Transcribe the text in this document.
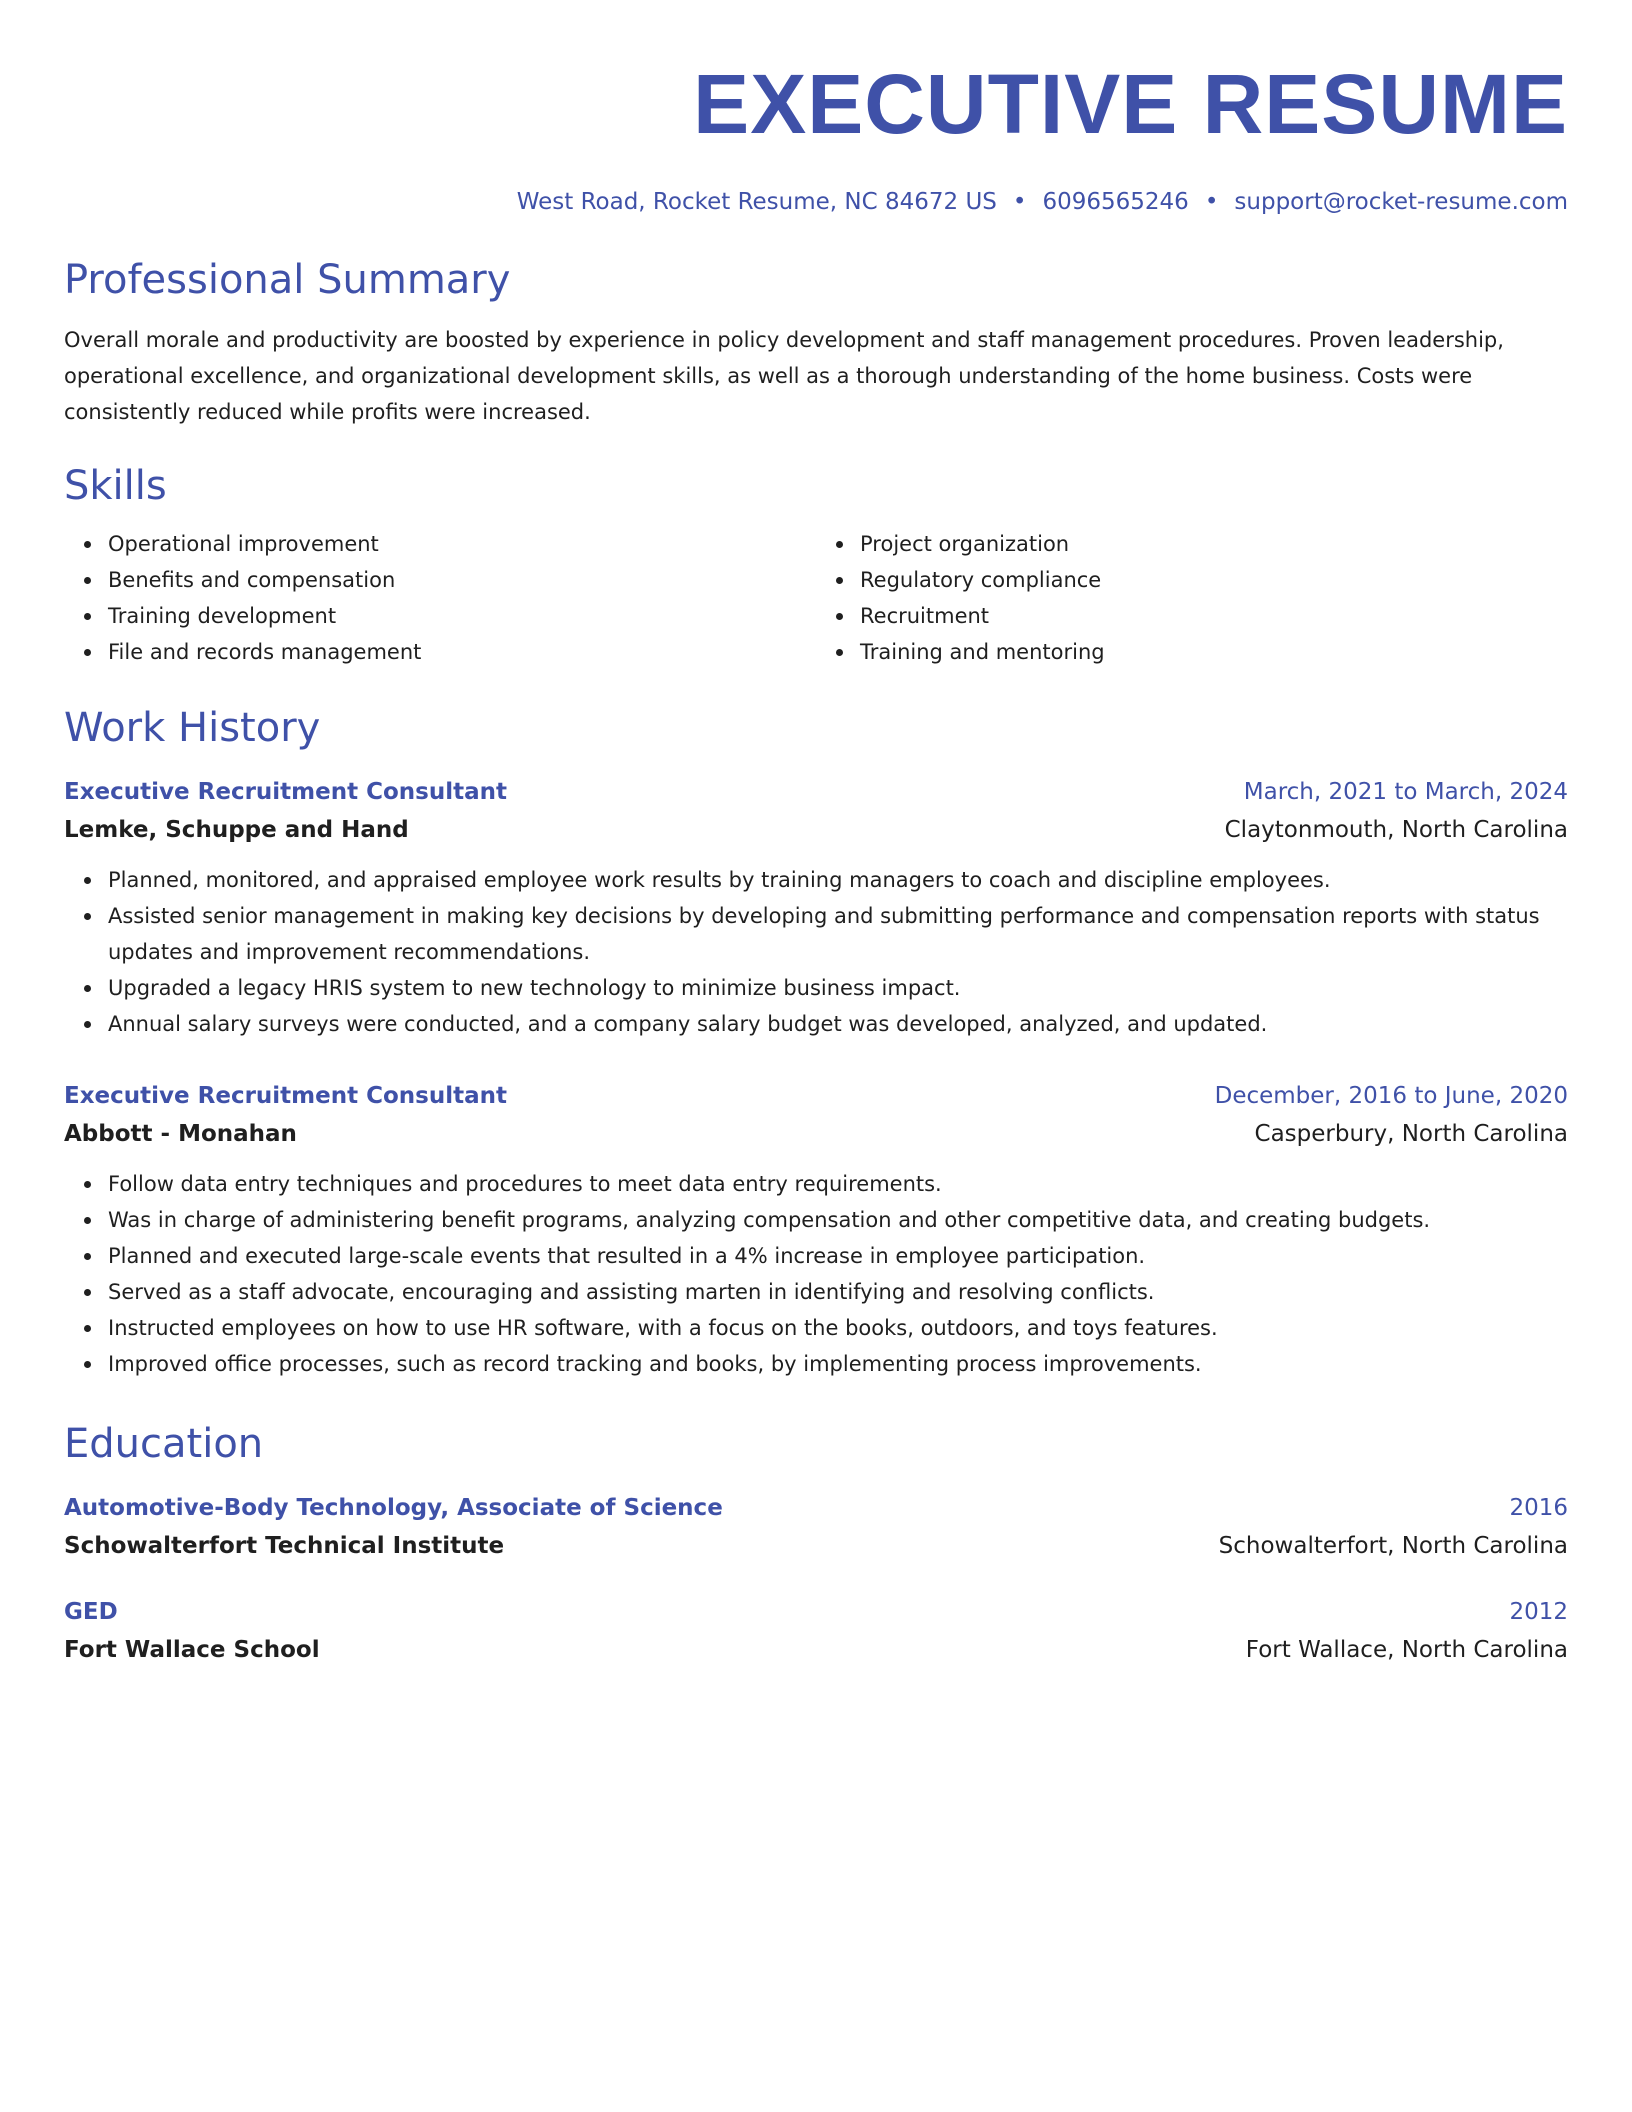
EXECUTIVE RESUME
West Road, Rocket Resume, NC 84672 US • 6096565246 • support@rocket-resume.com
Professional Summary
Overall morale and productivity are boosted by experience in policy development and staff management procedures. Proven leadership, operational excellence, and organizational development skills, as well as a thorough understanding of the home business. Costs were consistently reduced while profits were increased.
Skills
Operational improvement
Benefits and compensation
Training development
File and records management
Project organization
Regulatory compliance
Recruitment
Training and mentoring
Work History
Executive Recruitment Consultant	March, 2021 to March, 2024
Lemke, Schuppe and Hand	Claytonmouth, North Carolina
Planned, monitored, and appraised employee work results by training managers to coach and discipline employees.
Assisted senior management in making key decisions by developing and submitting performance and compensation reports with status updates and improvement recommendations.
Upgraded a legacy HRIS system to new technology to minimize business impact.
Annual salary surveys were conducted, and a company salary budget was developed, analyzed, and updated.
Executive Recruitment Consultant	December, 2016 to June, 2020
Abbott - Monahan	Casperbury, North Carolina
Follow data entry techniques and procedures to meet data entry requirements.
Was in charge of administering benefit programs, analyzing compensation and other competitive data, and creating budgets.
Planned and executed large-scale events that resulted in a 4% increase in employee participation.
Served as a staff advocate, encouraging and assisting marten in identifying and resolving conflicts.
Instructed employees on how to use HR software, with a focus on the books, outdoors, and toys features.
Improved office processes, such as record tracking and books, by implementing process improvements.
Education
Automotive-Body Technology, Associate of Science	2016
Schowalterfort Technical Institute	Schowalterfort, North Carolina
GED	2012
Fort Wallace School	Fort Wallace, North Carolina
